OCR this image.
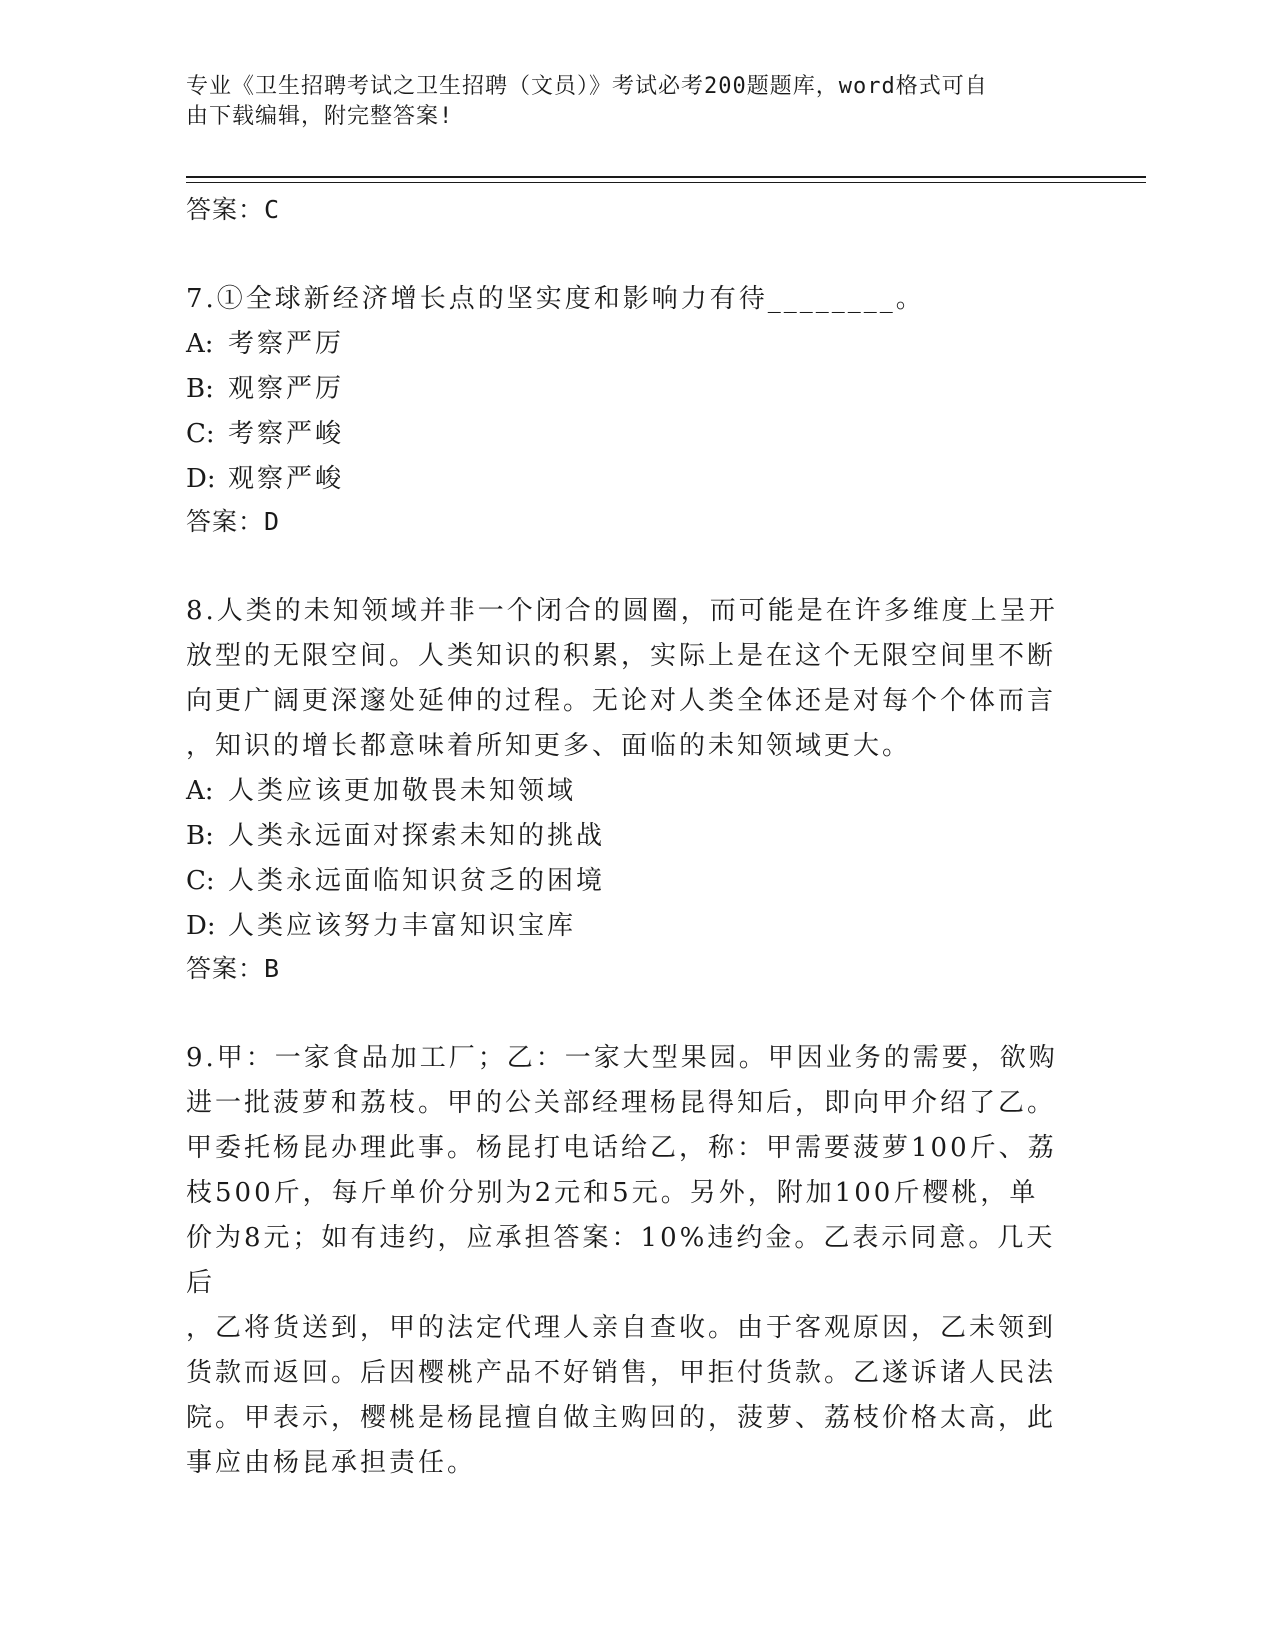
专业《卫生招聘考试之卫生招聘（文员）》考试必考200题题库，word格式可自
由下载编辑，附完整答案!
答案：C
7.①全球新经济增长点的坚实度和影响力有待________。
A: 考察严厉
B: 观察严厉
C: 考察严峻
D: 观察严峻
答案：D
8.人类的未知领域并非一个闭合的圆圈，而可能是在许多维度上呈开
放型的无限空间。人类知识的积累，实际上是在这个无限空间里不断
向更广阔更深邃处延伸的过程。无论对人类全体还是对每个个体而言
，知识的增长都意味着所知更多、面临的未知领域更大。
A: 人类应该更加敬畏未知领域
B: 人类永远面对探索未知的挑战
C: 人类永远面临知识贫乏的困境
D: 人类应该努力丰富知识宝库
答案：B
9.甲：一家食品加工厂；乙：一家大型果园。甲因业务的需要，欲购
进一批菠萝和荔枝。甲的公关部经理杨昆得知后，即向甲介绍了乙。
甲委托杨昆办理此事。杨昆打电话给乙，称：甲需要菠萝100斤、荔
枝500斤，每斤单价分别为2元和5元。另外，附加100斤樱桃，单
价为8元；如有违约，应承担答案：10%违约金。乙表示同意。几天后
，乙将货送到，甲的法定代理人亲自查收。由于客观原因，乙未领到
货款而返回。后因樱桃产品不好销售，甲拒付货款。乙遂诉诸人民法
院。甲表示，樱桃是杨昆擅自做主购回的，菠萝、荔枝价格太高，此
事应由杨昆承担责任。
